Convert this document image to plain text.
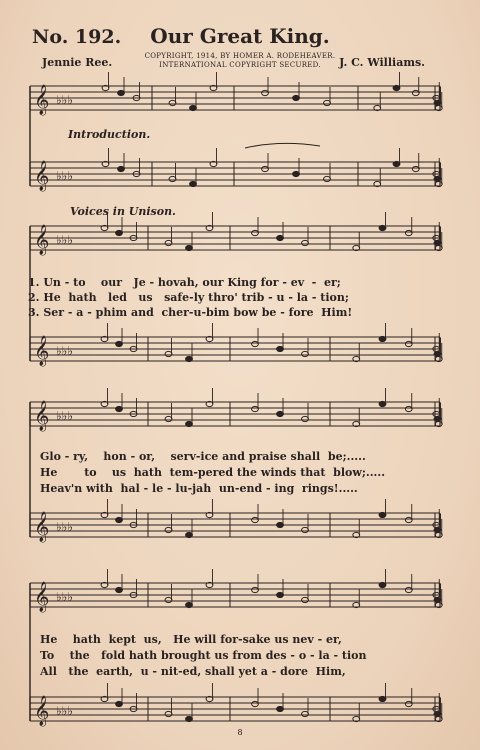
No. 192.	Our Great King.
COPYRIGHT, 1914, BY HOMER A. RODEHEAVER.
INTERNATIONAL COPYRIGHT SECURED.
Jennie Ree.	J. C. Williams.
𝄞 ♭♭♭
𝄞 ♭♭♭
𝄞 ♭♭♭
𝄞 ♭♭♭
𝄞 ♭♭♭
𝄞 ♭♭♭
𝄞 ♭♭♭
𝄞 ♭♭♭
Introduction.
Voices in Unison.
1. Un - to    our   Je - hovah, our King for - ev  -  er;
2. He  hath   led   us   safe-ly thro' trib - u - la - tion;
3. Ser - a - phim and  cher-u-bim bow be - fore  Him!
Glo - ry,    hon - or,    serv-ice and praise shall  be;.....
He       to    us  hath  tem-pered the winds that  blow;.....
Heav'n with  hal - le - lu-jah  un-end - ing  rings!.....
He    hath  kept  us,   He will for-sake us nev - er,
To    the   fold hath brought us from des - o - la - tion
All   the  earth,  u - nit-ed, shall yet a - dore  Him,
8
